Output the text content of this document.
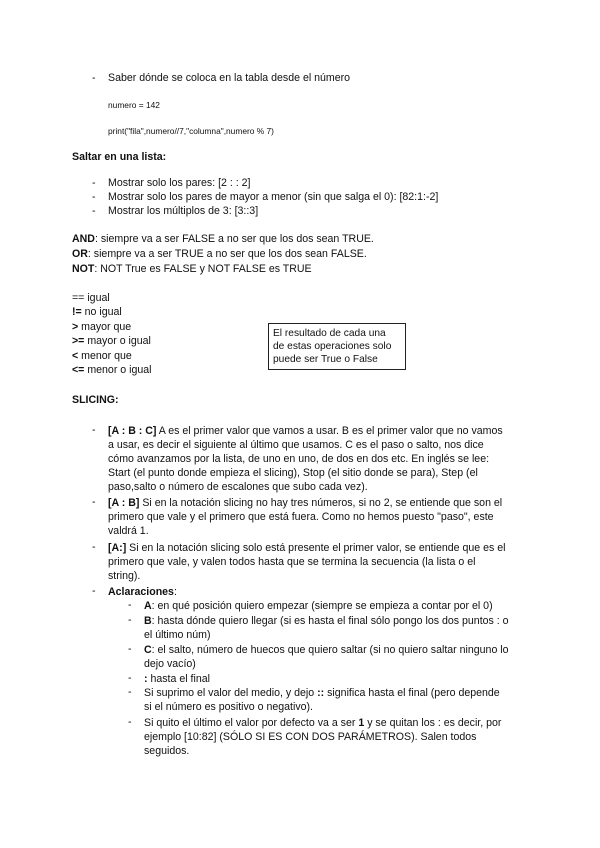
- Saber dónde se coloca en la tabla desde el número
numero = 142
print("fila",numero//7,"columna",numero % 7)
Saltar en una lista:
- Mostrar solo los pares: [2 : : 2]
- Mostrar solo los pares de mayor a menor (sin que salga el 0): [82:1:-2]
- Mostrar los múltiplos de 3: [3::3]
AND: siempre va a ser FALSE a no ser que los dos sean TRUE.
OR: siempre va a ser TRUE a no ser que los dos sean FALSE.
NOT: NOT True es FALSE y NOT FALSE es TRUE
== igual
!= no igual
> mayor que
>= mayor o igual
< menor que
<= menor o igual
El resultado de cada una
de estas operaciones solo
puede ser True o False
SLICING:
- [A : B : C] A es el primer valor que vamos a usar. B es el primer valor que no vamos
a usar, es decir el siguiente al último que usamos. C es el paso o salto, nos dice
cómo avanzamos por la lista, de uno en uno, de dos en dos etc. En inglés se lee:
Start (el punto donde empieza el slicing), Stop (el sitio donde se para), Step (el
paso,salto o número de escalones que subo cada vez).
- [A : B] Si en la notación slicing no hay tres números, si no 2, se entiende que son el
primero que vale y el primero que está fuera. Como no hemos puesto "paso", este
valdrá 1.
- [A:] Si en la notación slicing solo está presente el primer valor, se entiende que es el
primero que vale, y valen todos hasta que se termina la secuencia (la lista o el
string).
- Aclaraciones:
- A: en qué posición quiero empezar (siempre se empieza a contar por el 0)
- B: hasta dónde quiero llegar (si es hasta el final sólo pongo los dos puntos : o
el último núm)
- C: el salto, número de huecos que quiero saltar (si no quiero saltar ninguno lo
dejo vacío)
- : hasta el final
- Si suprimo el valor del medio, y dejo :: significa hasta el final (pero depende
si el número es positivo o negativo).
- Si quito el último el valor por defecto va a ser 1 y se quitan los : es decir, por
ejemplo [10:82] (SÓLO SI ES CON DOS PARÁMETROS). Salen todos
seguidos.
